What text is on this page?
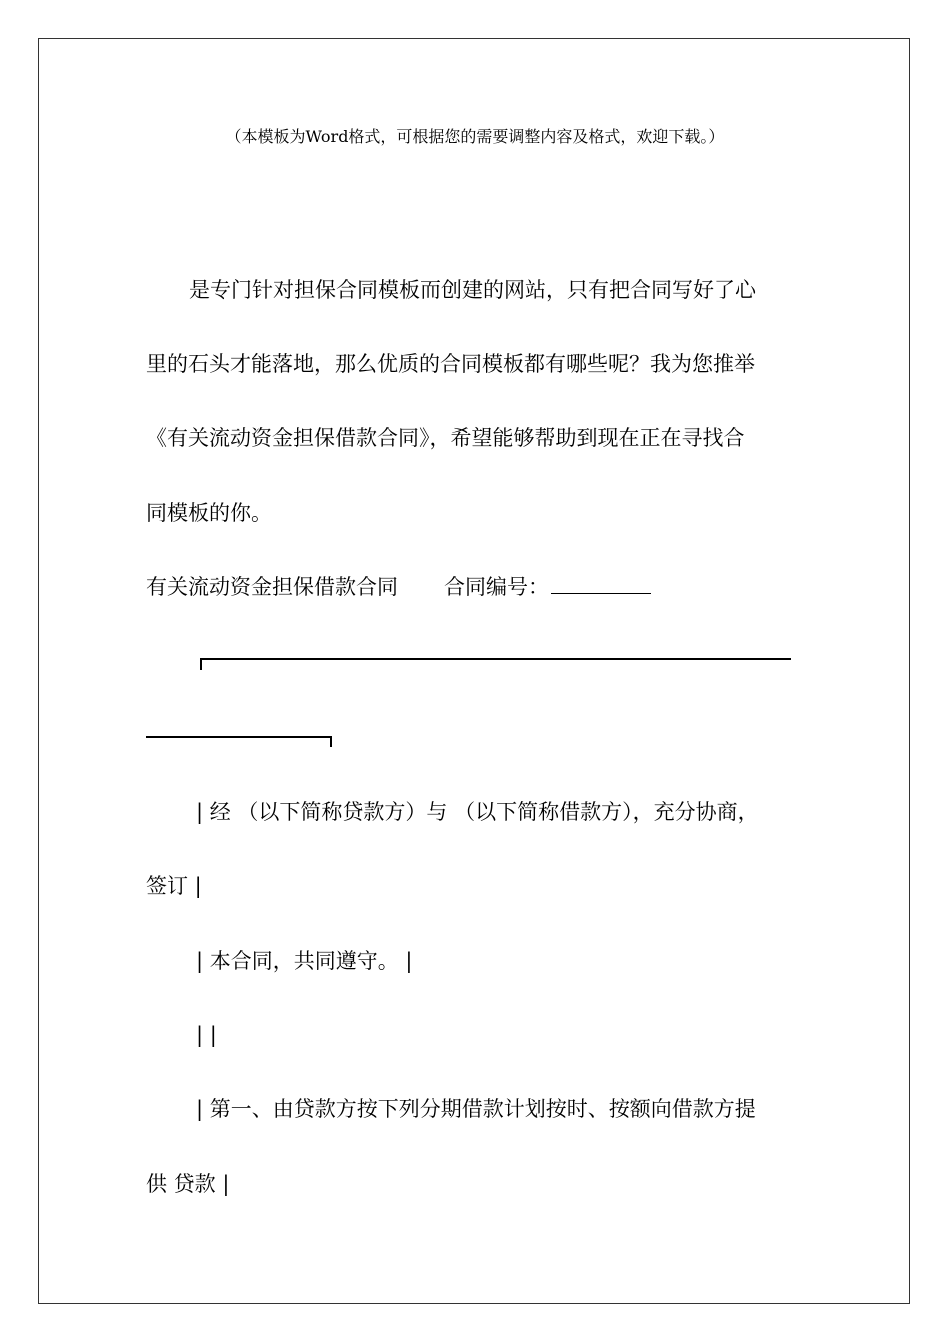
（本模板为Word格式，可根据您的需要调整内容及格式，欢迎下载。）
是专门针对担保合同模板而创建的网站，只有把合同写好了心
里的石头才能落地，那么优质的合同模板都有哪些呢？我为您推举
《有关流动资金担保借款合同》，希望能够帮助到现在正在寻找合
同模板的你。
有关流动资金担保借款合同 合同编号：
| 经 （以下简称贷款方）与 （以下简称借款方），充分协商，
签订 |
| 本合同，共同遵守。 |
| |
| 第一、由贷款方按下列分期借款计划按时、按额向借款方提
供 贷款 |
